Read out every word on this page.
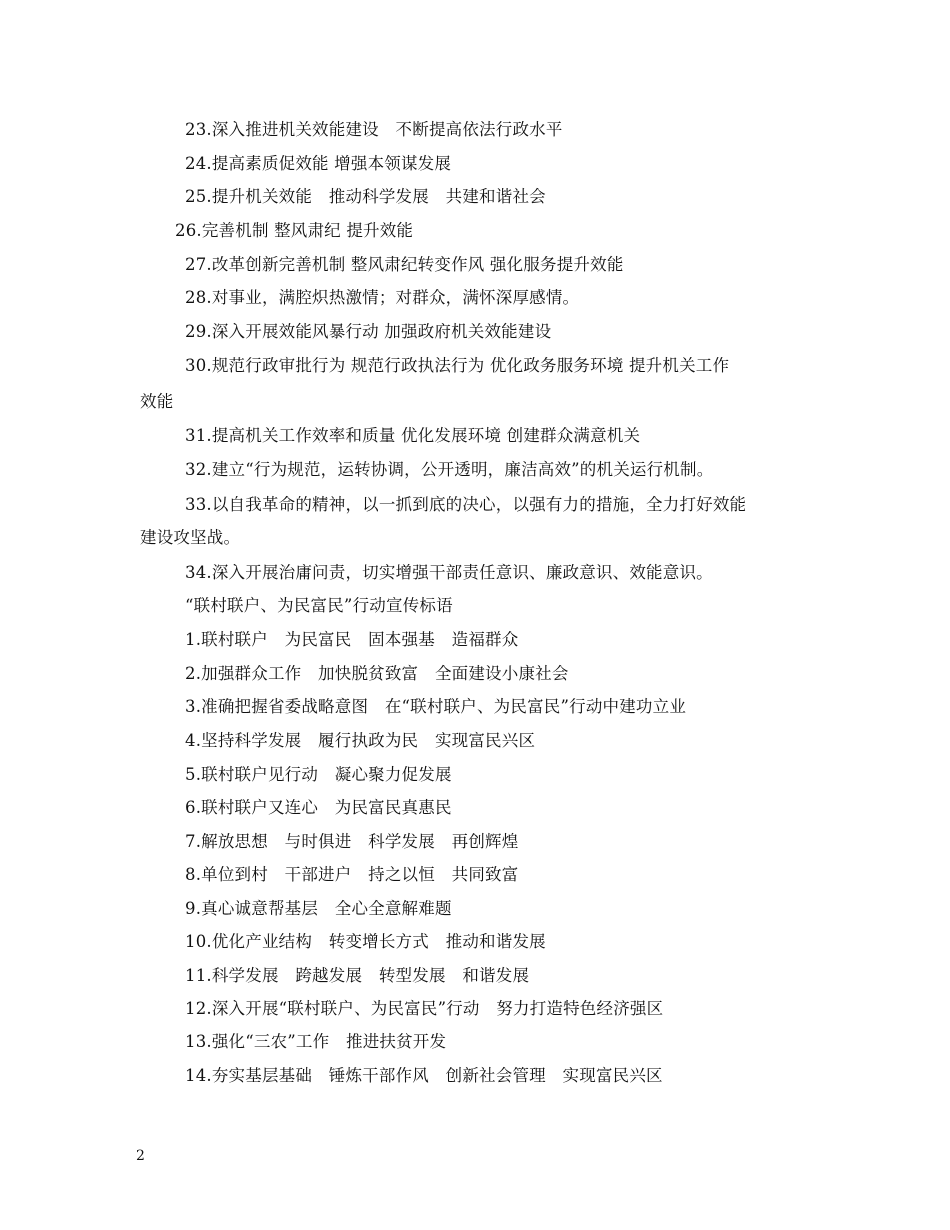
23.深入推进机关效能建设　不断提高依法行政水平
24.提高素质促效能 增强本领谋发展
25.提升机关效能　推动科学发展　共建和谐社会
26.完善机制 整风肃纪 提升效能
27.改革创新完善机制 整风肃纪转变作风 强化服务提升效能
28.对事业，满腔炽热激情；对群众，满怀深厚感情。
29.深入开展效能风暴行动 加强政府机关效能建设
30.规范行政审批行为 规范行政执法行为 优化政务服务环境 提升机关工作
效能
31.提高机关工作效率和质量 优化发展环境 创建群众满意机关
32.建立“行为规范，运转协调，公开透明，廉洁高效”的机关运行机制。
33.以自我革命的精神，以一抓到底的决心，以强有力的措施，全力打好效能
建设攻坚战。
34.深入开展治庸问责，切实增强干部责任意识、廉政意识、效能意识。
“联村联户、为民富民”行动宣传标语
1.联村联户　为民富民　固本强基　造福群众
2.加强群众工作　加快脱贫致富　全面建设小康社会
3.准确把握省委战略意图　在“联村联户、为民富民”行动中建功立业
4.坚持科学发展　履行执政为民　实现富民兴区
5.联村联户见行动　凝心聚力促发展
6.联村联户又连心　为民富民真惠民
7.解放思想　与时俱进　科学发展　再创辉煌
8.单位到村　干部进户　持之以恒　共同致富
9.真心诚意帮基层　全心全意解难题
10.优化产业结构　转变增长方式　推动和谐发展
11.科学发展　跨越发展　转型发展　和谐发展
12.深入开展“联村联户、为民富民”行动　努力打造特色经济强区
13.强化“三农”工作　推进扶贫开发
14.夯实基层基础　锤炼干部作风　创新社会管理　实现富民兴区
2
